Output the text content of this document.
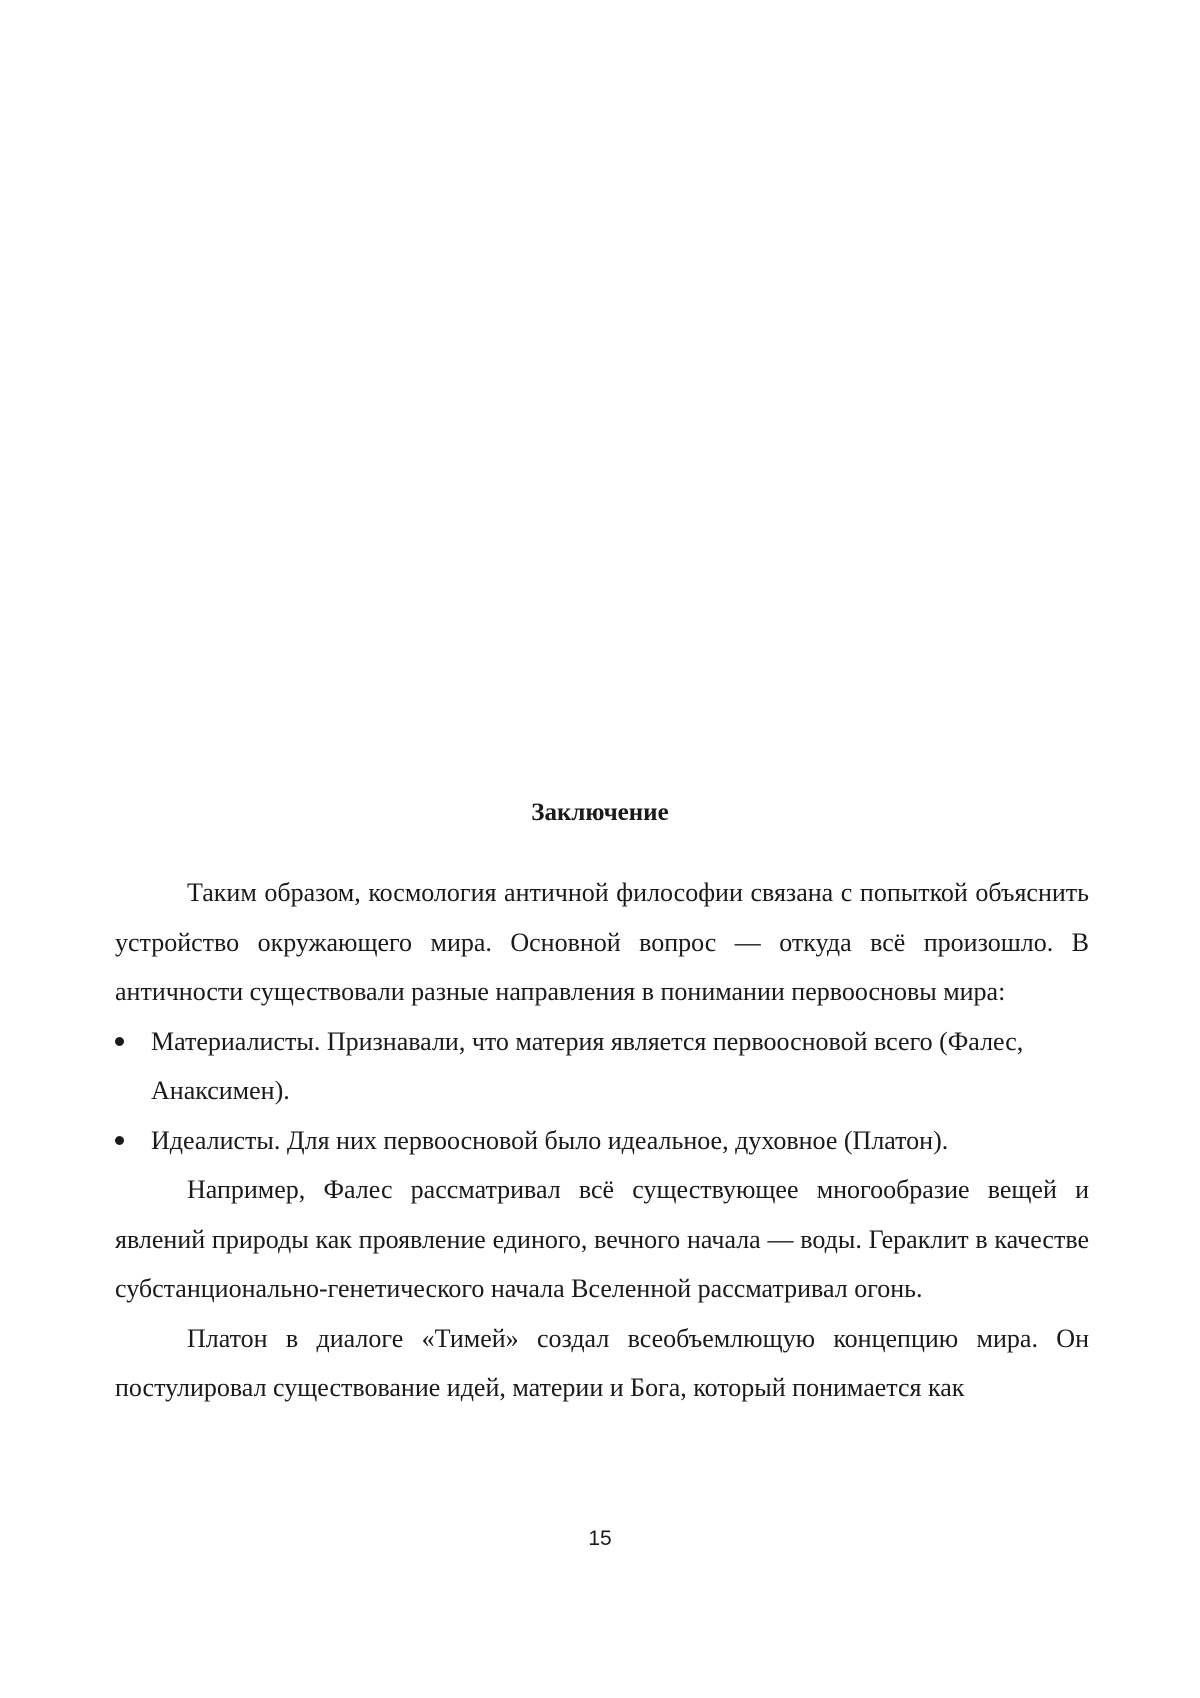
Заключение

Таким образом, космология античной философии связана с попыткой объяснить устройство окружающего мира. Основной вопрос — откуда всё произошло. В античности существовали разные направления в понимании первоосновы мира:

Материалисты. Признавали, что материя является первоосновой всего (Фалес, Анаксимен).
Идеалисты. Для них первоосновой было идеальное, духовное (Платон).

Например, Фалес рассматривал всё существующее многообразие вещей и явлений природы как проявление единого, вечного начала — воды. Гераклит в качестве субстанционально-генетического начала Вселенной рассматривал огонь.

Платон в диалоге «Тимей» создал всеобъемлющую концепцию мира. Он постулировал существование идей, материи и Бога, который понимается как

15
